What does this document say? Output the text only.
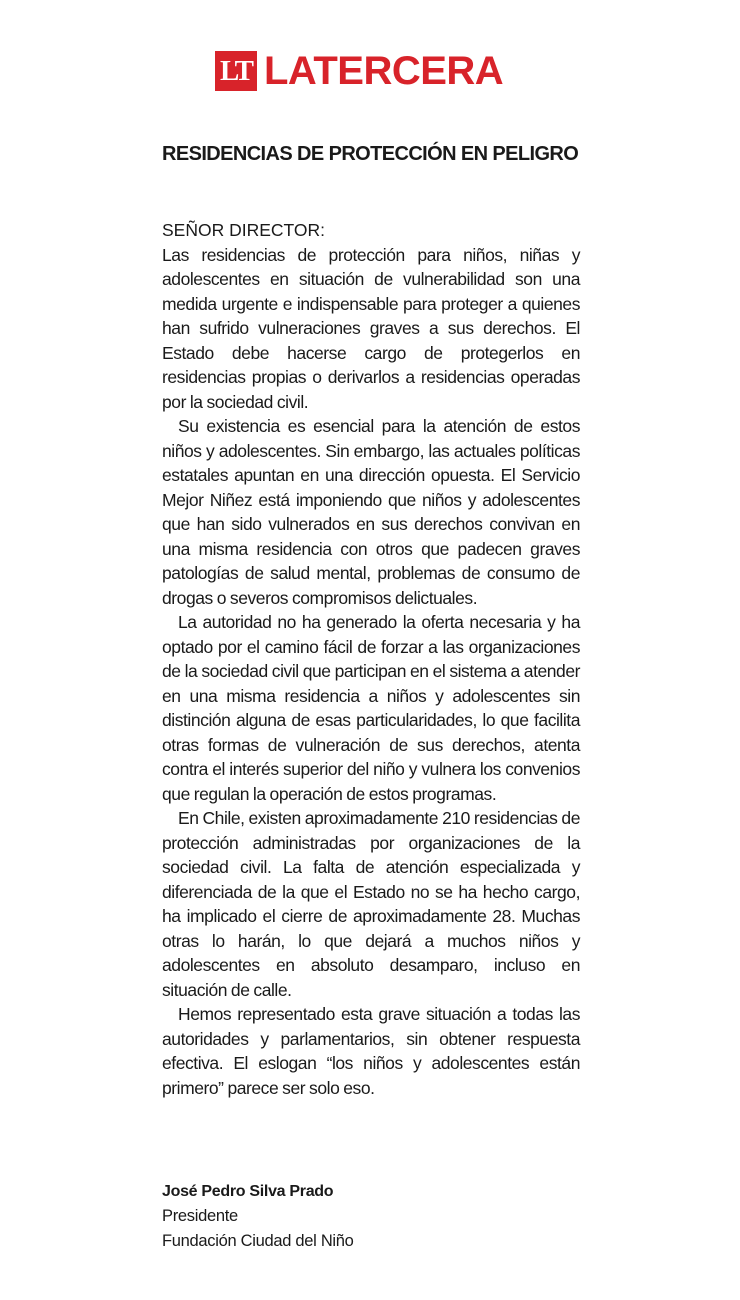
LT LATERCERA
RESIDENCIAS DE PROTECCIÓN EN PELIGRO

SEÑOR DIRECTOR:

Las residencias de protección para niños, niñas y adolescentes en situación de vulnerabilidad son una medida urgente e indispensable para proteger a quienes han sufrido vulneraciones graves a sus derechos. El Estado debe hacerse cargo de protegerlos en residencias propias o derivarlos a residencias operadas por la sociedad civil.

Su existencia es esencial para la atención de estos niños y adolescentes. Sin embargo, las actuales políticas estatales apuntan en una dirección opuesta. El Servicio Mejor Niñez está imponiendo que niños y adolescentes que han sido vulnerados en sus derechos convivan en una misma residencia con otros que padecen graves patologías de salud mental, problemas de consumo de drogas o severos compromisos delictuales.

La autoridad no ha generado la oferta necesaria y ha optado por el camino fácil de forzar a las organizaciones de la sociedad civil que participan en el sistema a atender en una misma residencia a niños y adolescentes sin distinción alguna de esas particularidades, lo que facilita otras formas de vulneración de sus derechos, atenta contra el interés superior del niño y vulnera los convenios que regulan la operación de estos programas.

En Chile, existen aproximadamente 210 residencias de protección administradas por organizaciones de la sociedad civil. La falta de atención especializada y diferenciada de la que el Estado no se ha hecho cargo, ha implicado el cierre de aproximadamente 28. Muchas otras lo harán, lo que dejará a muchos niños y adolescentes en absoluto desamparo, incluso en situación de calle.

Hemos representado esta grave situación a todas las autoridades y parlamentarios, sin obtener respuesta efectiva. El eslogan “los niños y adolescentes están primero” parece ser solo eso.

José Pedro Silva Prado

Presidente

Fundación Ciudad del Niño
